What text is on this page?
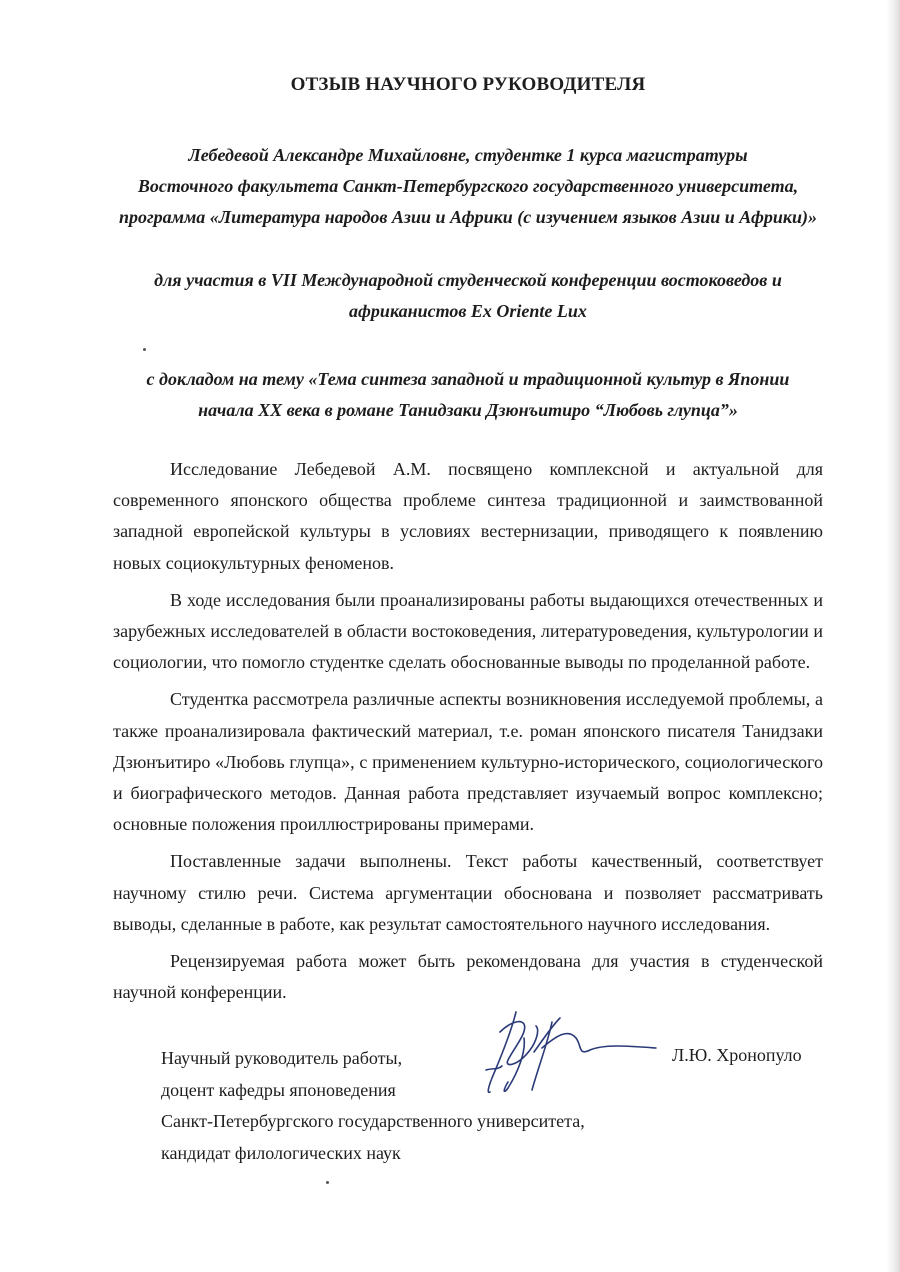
ОТЗЫВ НАУЧНОГО РУКОВОДИТЕЛЯ
Лебедевой Александре Михайловне, студентке 1 курса магистратуры
Восточного факультета Санкт-Петербургского государственного университета,
программа «Литература народов Азии и Африки (с изучением языков Азии и Африки)»
для участия в VII Международной студенческой конференции востоковедов и
африканистов Ex Oriente Lux
с докладом на тему «Тема синтеза западной и традиционной культур в Японии
начала XX века в романе Танидзаки Дзюнъитиро “Любовь глупца”»

Исследование Лебедевой А.М. посвящено комплексной и актуальной для современного японского общества проблеме синтеза традиционной и заимствованной западной европейской культуры в условиях вестернизации, приводящего к появлению новых социокультурных феноменов.

В ходе исследования были проанализированы работы выдающихся отечественных и зарубежных исследователей в области востоковедения, литературоведения, культурологии и социологии, что помогло студентке сделать обоснованные выводы по проделанной работе.

Студентка рассмотрела различные аспекты возникновения исследуемой проблемы, а также проанализировала фактический материал, т.е. роман японского писателя Танидзаки Дзюнъитиро «Любовь глупца», с применением культурно-исторического, социологического и биографического методов. Данная работа представляет изучаемый вопрос комплексно; основные положения проиллюстрированы примерами.

Поставленные задачи выполнены. Текст работы качественный, соответствует научному стилю речи. Система аргументации обоснована и позволяет рассматривать выводы, сделанные в работе, как результат самостоятельного научного исследования.

Рецензируемая работа может быть рекомендована для участия в студенческой научной конференции.

Научный руководитель работы,
доцент кафедры японоведения
Санкт-Петербургского государственного университета,
кандидат филологических наук
Л.Ю. Хронопуло
